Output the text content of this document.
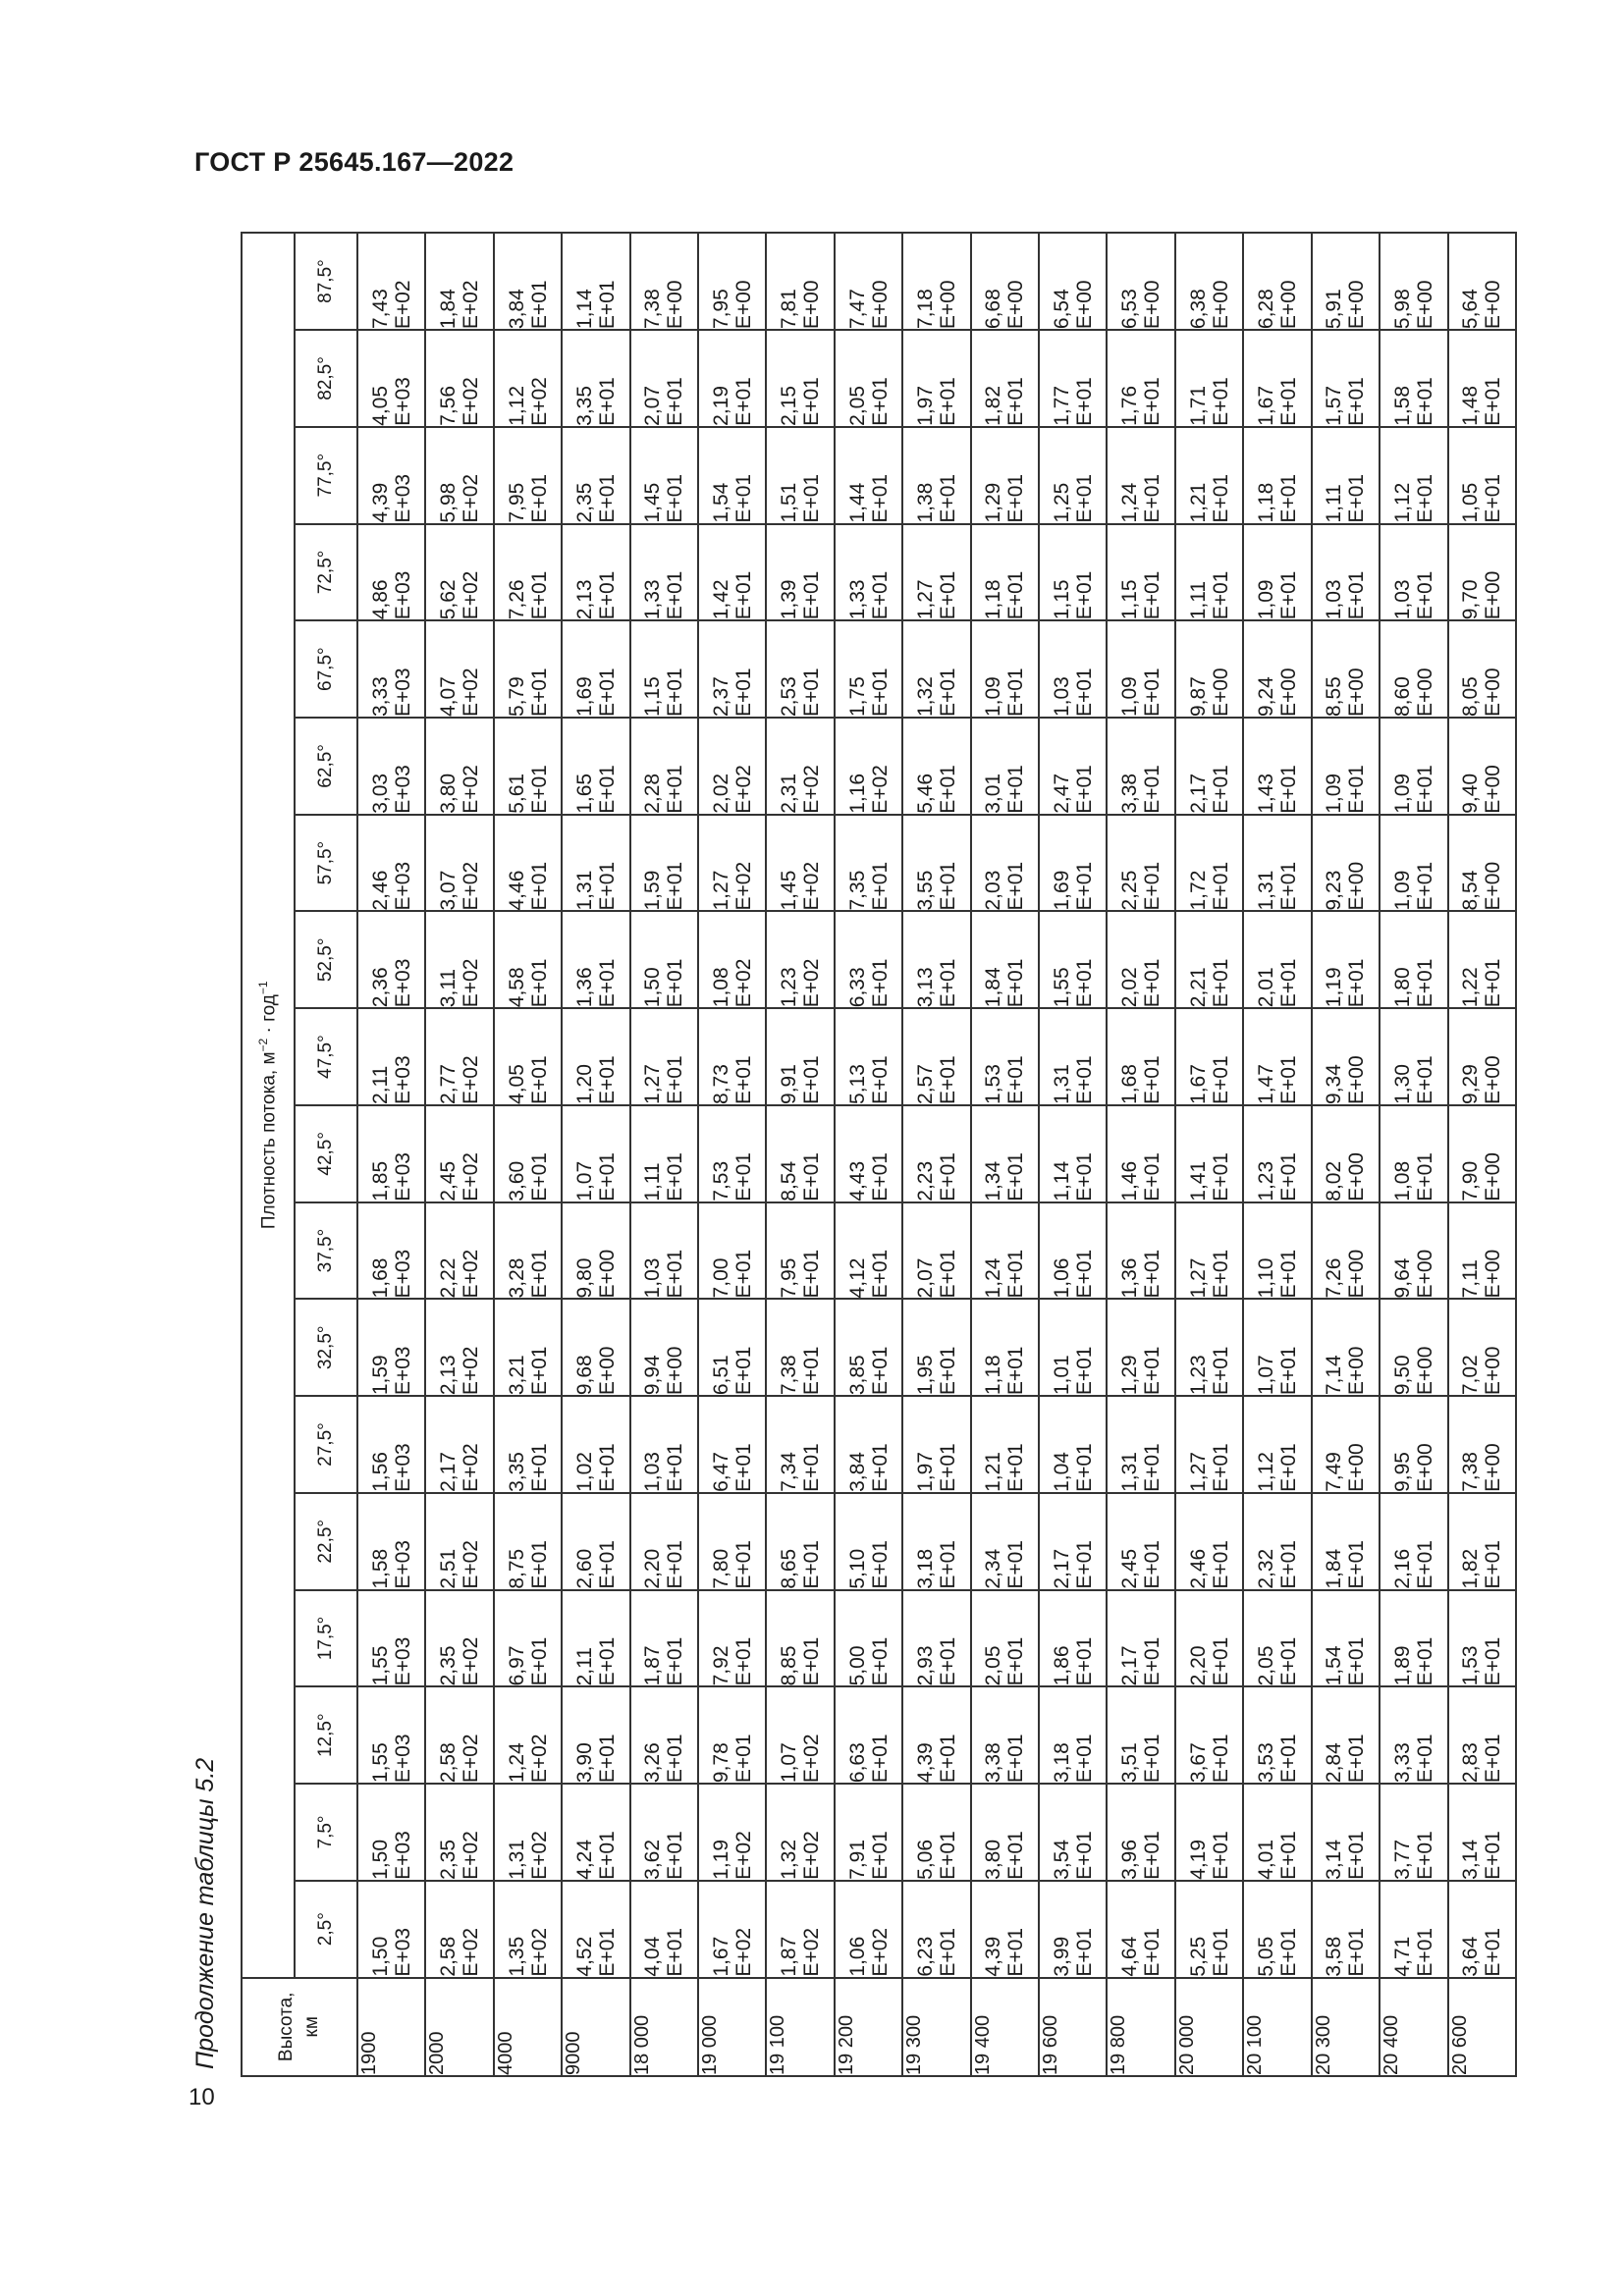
ГОСТ Р 25645.167—2022
Продолжение таблицы 5.2	Высота, км	Плотность потока, $м^{-2} \cdot год^{-1}$
	2,5°	7,5°	12,5°	17,5°	22,5°	27,5°	32,5°	37,5°	42,5°	47,5°	52,5°	57,5°	62,5°	67,5°	72,5°	77,5°	82,5°	87,5°
1900	1,50 E+03	1,50 E+03	1,55 E+03	1,55 E+03	1,58 E+03	1,56 E+03	1,59 E+03	1,68 E+03	1,85 E+03	2,11 E+03	2,36 E+03	2,46 E+03	3,03 E+03	3,33 E+03	4,86 E+03	4,39 E+03	4,05 E+03	7,43 E+02

2000	2,58 E+02	2,35 E+02	2,58 E+02	2,35 E+02	2,51 E+02	2,17 E+02	2,13 E+02	2,22 E+02	2,45 E+02	2,77 E+02	3,11 E+02	3,07 E+02	3,80 E+02	4,07 E+02	5,62 E+02	5,98 E+02	7,56 E+02	1,84 E+02

4000	1,35 E+02	1,31 E+02	1,24 E+02	6,97 E+01	8,75 E+01	3,35 E+01	3,21 E+01	3,28 E+01	3,60 E+01	4,05 E+01	4,58 E+01	4,46 E+01	5,61 E+01	5,79 E+01	7,26 E+01	7,95 E+01	1,12 E+02	3,84 E+01

9000	4,52 E+01	4,24 E+01	3,90 E+01	2,11 E+01	2,60 E+01	1,02 E+01	9,68 E+00	9,80 E+00	1,07 E+01	1,20 E+01	1,36 E+01	1,31 E+01	1,65 E+01	1,69 E+01	2,13 E+01	2,35 E+01	3,35 E+01	1,14 E+01

18 000	4,04 E+01	3,62 E+01	3,26 E+01	1,87 E+01	2,20 E+01	1,03 E+01	9,94 E+00	1,03 E+01	1,11 E+01	1,27 E+01	1,50 E+01	1,59 E+01	2,28 E+01	1,15 E+01	1,33 E+01	1,45 E+01	2,07 E+01	7,38 E+00

19 000	1,67 E+02	1,19 E+02	9,78 E+01	7,92 E+01	7,80 E+01	6,47 E+01	6,51 E+01	7,00 E+01	7,53 E+01	8,73 E+01	1,08 E+02	1,27 E+02	2,02 E+02	2,37 E+01	1,42 E+01	1,54 E+01	2,19 E+01	7,95 E+00

19 100	1,87 E+02	1,32 E+02	1,07 E+02	8,85 E+01	8,65 E+01	7,34 E+01	7,38 E+01	7,95 E+01	8,54 E+01	9,91 E+01	1,23 E+02	1,45 E+02	2,31 E+02	2,53 E+01	1,39 E+01	1,51 E+01	2,15 E+01	7,81 E+00

19 200	1,06 E+02	7,91 E+01	6,63 E+01	5,00 E+01	5,10 E+01	3,84 E+01	3,85 E+01	4,12 E+01	4,43 E+01	5,13 E+01	6,33 E+01	7,35 E+01	1,16 E+02	1,75 E+01	1,33 E+01	1,44 E+01	2,05 E+01	7,47 E+00

19 300	6,23 E+01	5,06 E+01	4,39 E+01	2,93 E+01	3,18 E+01	1,97 E+01	1,95 E+01	2,07 E+01	2,23 E+01	2,57 E+01	3,13 E+01	3,55 E+01	5,46 E+01	1,32 E+01	1,27 E+01	1,38 E+01	1,97 E+01	7,18 E+00

19 400	4,39 E+01	3,80 E+01	3,38 E+01	2,05 E+01	2,34 E+01	1,21 E+01	1,18 E+01	1,24 E+01	1,34 E+01	1,53 E+01	1,84 E+01	2,03 E+01	3,01 E+01	1,09 E+01	1,18 E+01	1,29 E+01	1,82 E+01	6,68 E+00

19 600	3,99 E+01	3,54 E+01	3,18 E+01	1,86 E+01	2,17 E+01	1,04 E+01	1,01 E+01	1,06 E+01	1,14 E+01	1,31 E+01	1,55 E+01	1,69 E+01	2,47 E+01	1,03 E+01	1,15 E+01	1,25 E+01	1,77 E+01	6,54 E+00

19 800	4,64 E+01	3,96 E+01	3,51 E+01	2,17 E+01	2,45 E+01	1,31 E+01	1,29 E+01	1,36 E+01	1,46 E+01	1,68 E+01	2,02 E+01	2,25 E+01	3,38 E+01	1,09 E+01	1,15 E+01	1,24 E+01	1,76 E+01	6,53 E+00

20 000	5,25 E+01	4,19 E+01	3,67 E+01	2,20 E+01	2,46 E+01	1,27 E+01	1,23 E+01	1,27 E+01	1,41 E+01	1,67 E+01	2,21 E+01	1,72 E+01	2,17 E+01	9,87 E+00	1,11 E+01	1,21 E+01	1,71 E+01	6,38 E+00

20 100	5,05 E+01	4,01 E+01	3,53 E+01	2,05 E+01	2,32 E+01	1,12 E+01	1,07 E+01	1,10 E+01	1,23 E+01	1,47 E+01	2,01 E+01	1,31 E+01	1,43 E+01	9,24 E+00	1,09 E+01	1,18 E+01	1,67 E+01	6,28 E+00

20 300	3,58 E+01	3,14 E+01	2,84 E+01	1,54 E+01	1,84 E+01	7,49 E+00	7,14 E+00	7,26 E+00	8,02 E+00	9,34 E+00	1,19 E+01	9,23 E+00	1,09 E+01	8,55 E+00	1,03 E+01	1,11 E+01	1,57 E+01	5,91 E+00

20 400	4,71 E+01	3,77 E+01	3,33 E+01	1,89 E+01	2,16 E+01	9,95 E+00	9,50 E+00	9,64 E+00	1,08 E+01	1,30 E+01	1,80 E+01	1,09 E+01	1,09 E+01	8,60 E+00	1,03 E+01	1,12 E+01	1,58 E+01	5,98 E+00

20 600	3,64 E+01	3,14 E+01	2,83 E+01	1,53 E+01	1,82 E+01	7,38 E+00	7,02 E+00	7,11 E+00	7,90 E+00	9,29 E+00	1,22 E+01	8,54 E+00	9,40 E+00	8,05 E+00	9,70 E+00	1,05 E+01	1,48 E+01	5,64 E+00
10
